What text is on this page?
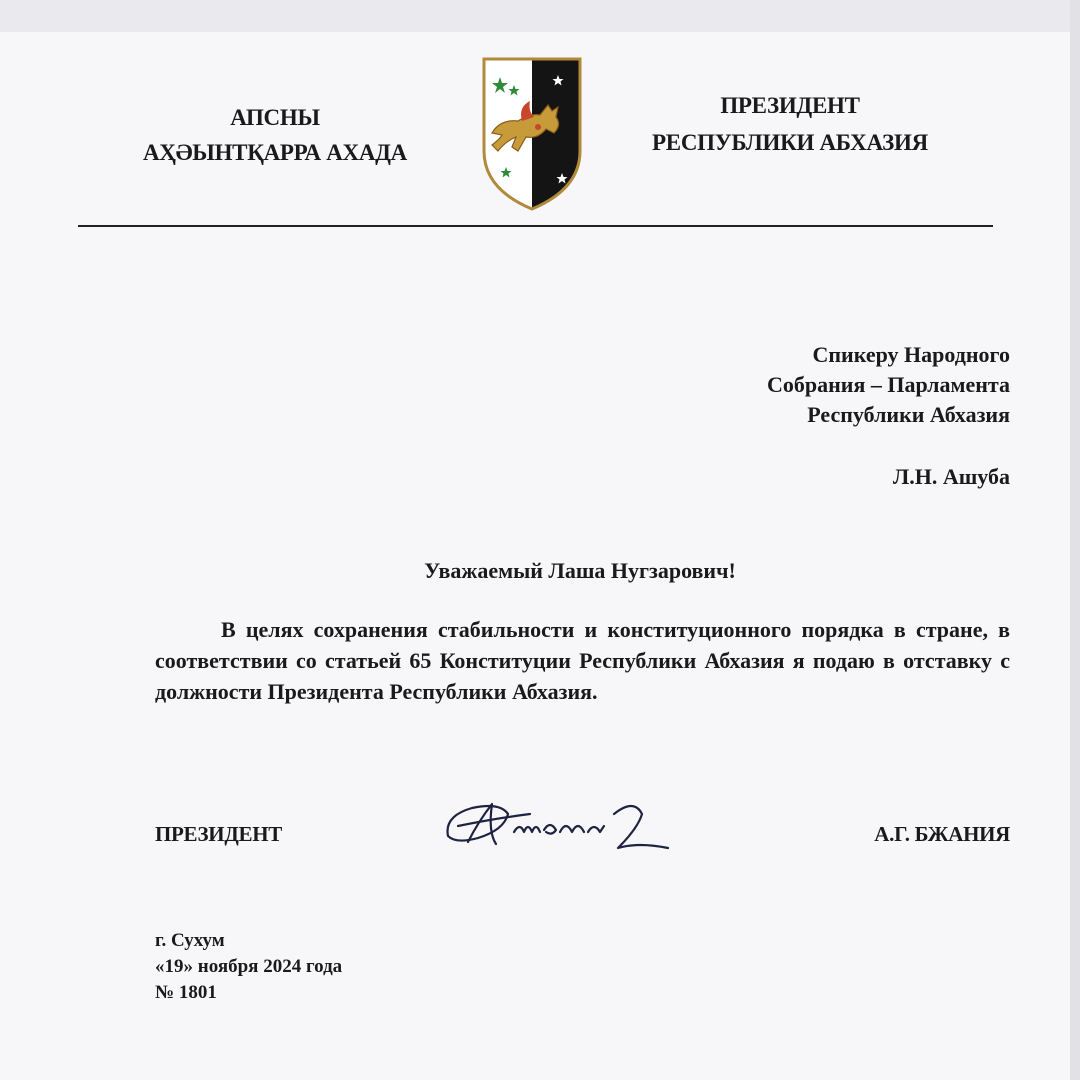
АПСНЫ
АҲӘЫНТҚАРРА АХАДА
ПРЕЗИДЕНТ
РЕСПУБЛИКИ АБХАЗИЯ
Спикеру Народного
Собрания – Парламента
Республики Абхазия
Л.Н. Ашуба
Уважаемый Лаша Нугзарович!
В целях сохранения стабильности и конституционного порядка в стране, в соответствии со статьей 65 Конституции Республики Абхазия я подаю в отставку с должности Президента Республики Абхазия.
ПРЕЗИДЕНТ	А.Г. БЖАНИЯ
г. Сухум
«19» ноября 2024 года
№ 1801
